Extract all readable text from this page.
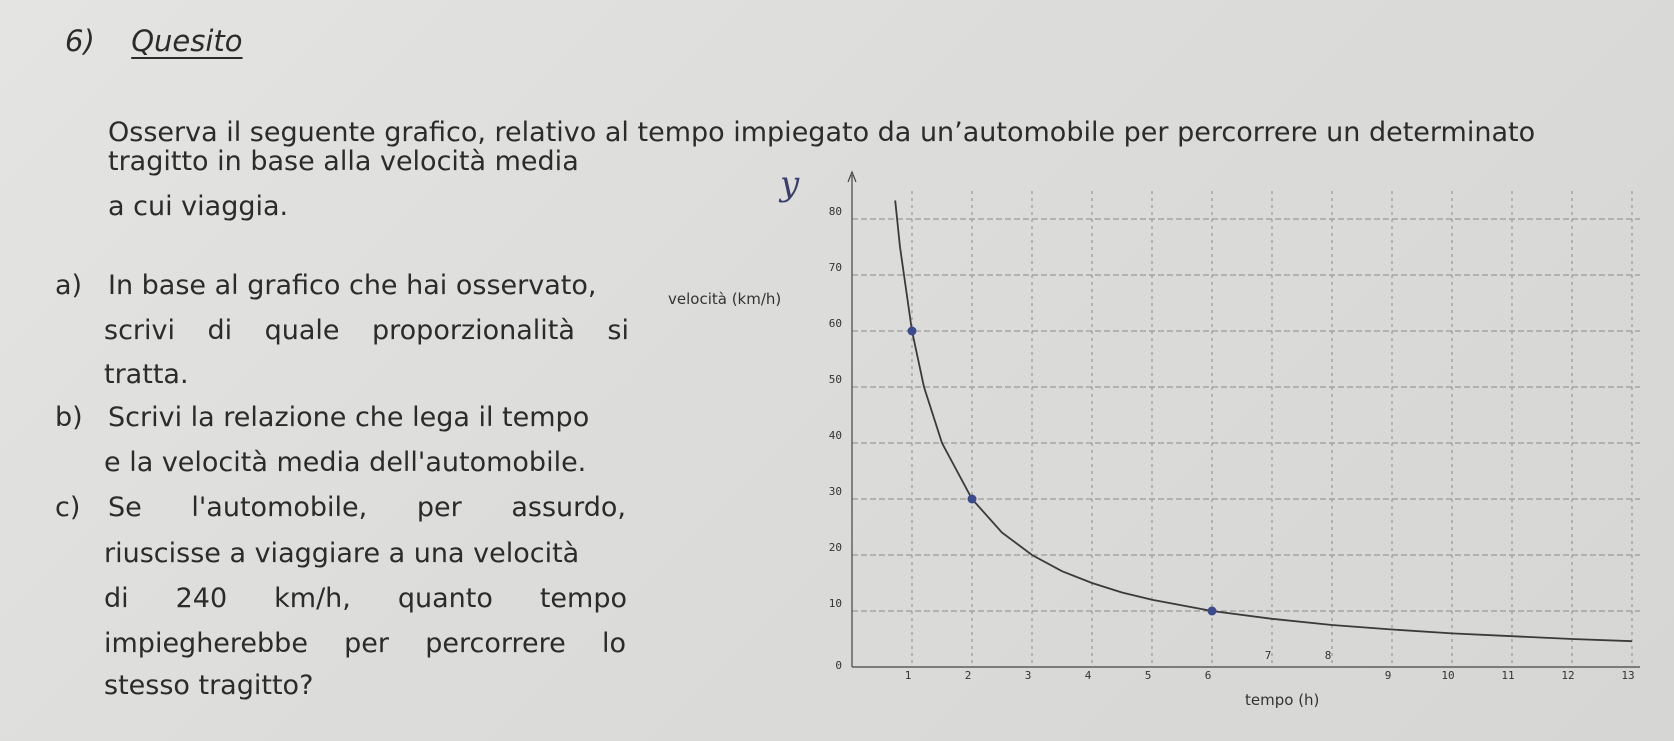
6) Quesito
Osserva il seguente grafico, relativo al tempo impiegato da un’automobile per percorrere un determinato
tragitto in base alla velocità media
a cui viaggia.
a) In base al grafico che hai osservato,
scrivi di quale proporzionalità si
tratta.
b) Scrivi la relazione che lega il tempo
e la velocità media dell'automobile.
c) Se l'automobile, per assurdo,
riuscisse a viaggiare a una velocità
di 240 km/h, quanto tempo
impiegherebbe per percorrere lo
stesso tragitto?
0
10
20
30
40
50
60
70
80
1	2	3	4	5	6
7	8
9	10	11	12	13
velocità (km/h)
tempo (h)
y
